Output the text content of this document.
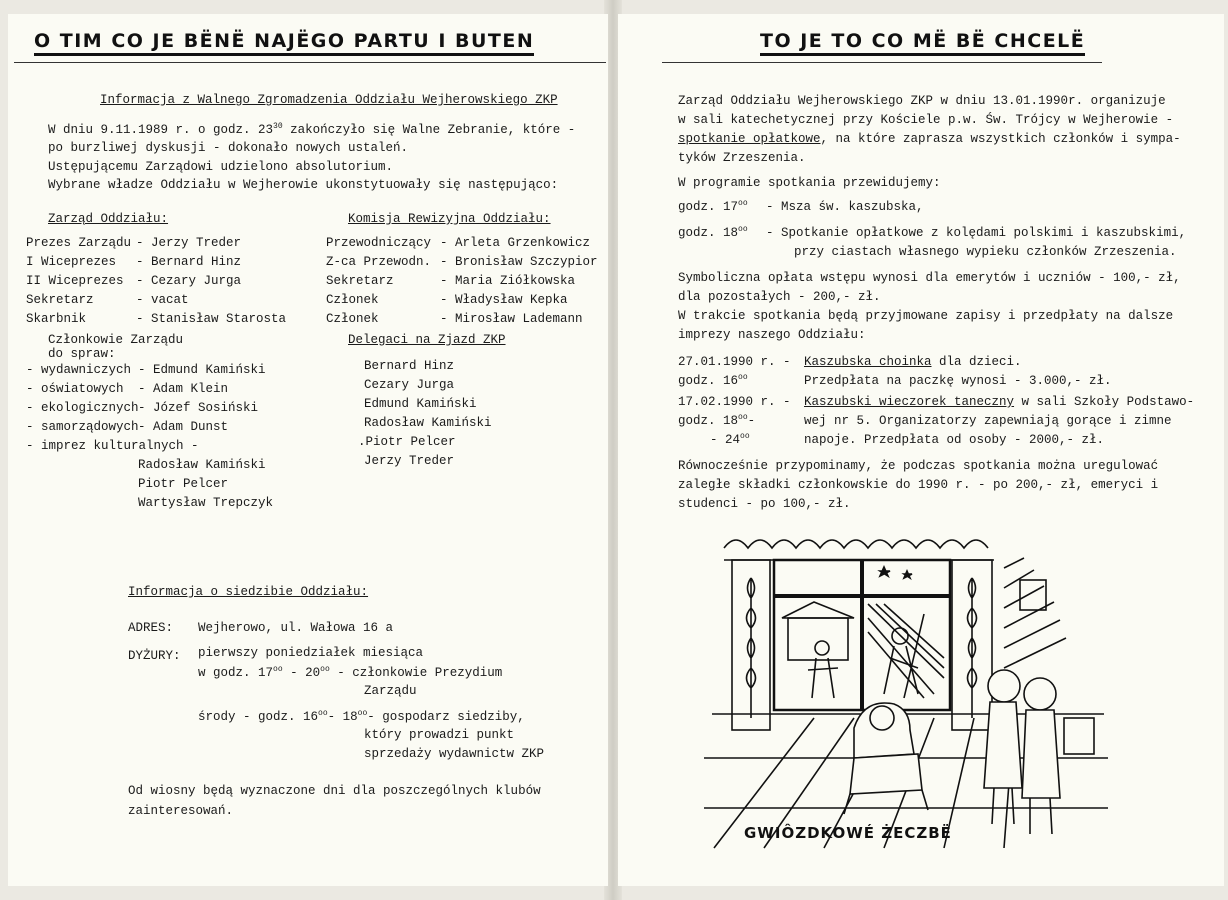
O TIM CO JE BËNË NAJËGO PARTU I BUTEN
Informacja z Walnego Zgromadzenia Oddziału Wejherowskiego ZKP
W dniu 9.11.1989 r. o godz. $23^{30}$ zakończyło się Walne Zebranie, które -
po burzliwej dyskusji - dokonało nowych ustaleń.
Ustępującemu Zarządowi udzielono absolutorium.
Wybrane władze Oddziału w Wejherowie ukonstytuowały się następująco:
Zarząd Oddziału:
Prezes Zarządu - Jerzy Treder
I Wiceprezes - Bernard Hinz
II Wiceprezes - Cezary Jurga
Sekretarz	- vacat
Skarbnik	- Stanisław Starosta
Członkowie Zarządu
do spraw:
- wydawniczych - Edmund Kamiński
- oświatowych - Adam Klein
- ekologicznych - Józef Sosiński
- samorządowych - Adam Dunst
- imprez kulturalnych -
Radosław Kamiński
Piotr Pelcer
Wartysław Trepczyk
Komisja Rewizyjna Oddziału:
Przewodniczący - Arleta Grzenkowicz
Z-ca Przewodn. - Bronisław Szczypior
Sekretarz	- Maria Ziółkowska
Członek	- Władysław Kepka
Członek	- Mirosław Lademann
Delegaci na Zjazd ZKP
Bernard Hinz
Cezary Jurga
Edmund Kamiński
Radosław Kamiński
.Piotr Pelcer
Jerzy Treder
Informacja o siedzibie Oddziału:
ADRES: Wejherowo, ul. Wałowa 16 a
DYŻURY: pierwszy poniedziałek miesiąca
w godz. $17^{oo} - 20^{oo}$ - członkowie Prezydium
Zarządu
środy - godz. $16^{oo}-$ $18^{oo}-$ gospodarz siedziby,
który prowadzi punkt
sprzedaży wydawnictw ZKP
Od wiosny będą wyznaczone dni dla poszczególnych klubów
zainteresowań.
TO JE TO CO MË BË CHCELË
Zarząd Oddziału Wejherowskiego ZKP w dniu 13.01.1990r. organizuje
w sali katechetycznej przy Kościele p.w. Św. Trójcy w Wejherowie -
spotkanie opłatkowe, na które zaprasza wszystkich członków i sympa-
tyków Zrzeszenia.
W programie spotkania przewidujemy:
godz. $17^{oo}$ - Msza św. kaszubska,
godz. $18^{oo}$ - Spotkanie opłatkowe z kolędami polskimi i kaszubskimi,
przy ciastach własnego wypieku członków Zrzeszenia.
Symboliczna opłata wstępu wynosi dla emerytów i uczniów - 100,- zł,
dla pozostałych - 200,- zł.
W trakcie spotkania będą przyjmowane zapisy i przedpłaty na dalsze
imprezy naszego Oddziału:
27.01.1990 r. - Kaszubska choinka dla dzieci.
godz. $16^{oo}$	Przedpłata na paczkę wynosi - 3.000,- zł.
17.02.1990 r. - Kaszubski wieczorek taneczny w sali Szkoły Podstawo-
godz. $18^{oo}-$	wej nr 5. Organizatorzy zapewniają gorące i zimne
- $24^{oo}$	napoje. Przedpłata od osoby - 2000,- zł.
Równocześnie przypominamy, że podczas spotkania można uregulować
zaległe składki członkowskie do 1990 r. - po 200,- zł, emeryci i
studenci - po 100,- zł.
GWIÔZDKOWÉ ŻECZBË
